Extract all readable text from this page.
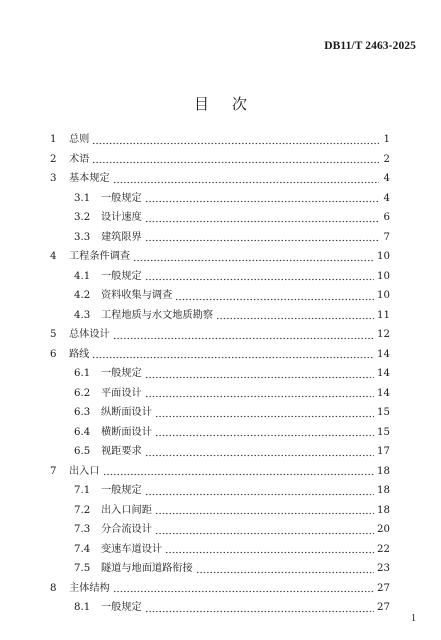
DB11/T 2463-2025
目次
1 总则	1
2 术语	2
3 基本规定	4
3.1 一般规定	4
3.2 设计速度	6
3.3 建筑限界	7
4 工程条件调查	10
4.1 一般规定	10
4.2 资料收集与调查	10
4.3 工程地质与水文地质勘察	11
5 总体设计	12
6 路线	14
6.1 一般规定	14
6.2 平面设计	14
6.3 纵断面设计	15
6.4 横断面设计	15
6.5 视距要求	17
7 出入口	18
7.1 一般规定	18
7.2 出入口间距	18
7.3 分合流设计	20
7.4 变速车道设计	22
7.5 隧道与地面道路衔接	23
8 主体结构	27
8.1 一般规定	27
1
